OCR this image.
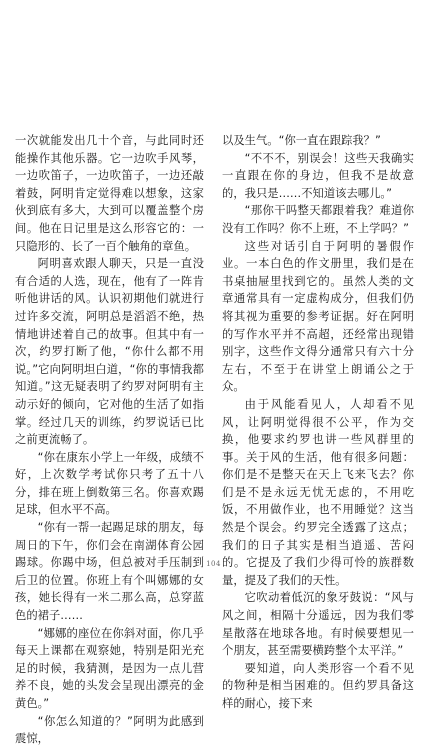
一次就能发出几十个音，与此同时还能操作其他乐器。它一边吹手风琴，一边吹笛子，一边吹笛子，一边还敲着鼓，阿明肯定觉得难以想象，这家伙到底有多大，大到可以覆盖整个房间。他在日记里是这么形容它的：一只隐形的、长了一百个触角的章鱼。

阿明喜欢跟人聊天，只是一直没有合适的人选，现在，他有了一阵肯听他讲话的风。认识初期他们就进行过许多交流，阿明总是滔滔不绝，热情地讲述着自己的故事。但其中有一次，约罗打断了他，“你什么都不用说。”它向阿明坦白道，“你的事情我都知道。”这无疑表明了约罗对阿明有主动示好的倾向，它对他的生活了如指掌。经过几天的训练，约罗说话已比之前更流畅了。

“你在康东小学上一年级，成绩不好，上次数学考试你只考了五十八分，排在班上倒数第三名。你喜欢踢足球，但水平不高。

“你有一帮一起踢足球的朋友，每周日的下午，你们会在南湖体育公园踢球。你踢中场，但总被对手压制到后卫的位置。你班上有个叫娜娜的女孩，她长得有一米二那么高，总穿蓝色的裙子……

“娜娜的座位在你斜对面，你几乎每天上课都在观察她，特别是阳光充足的时候，我猜测，是因为一点儿营养不良，她的头发会呈现出漂亮的金黄色。”

“你怎么知道的？”阿明为此感到震惊，

以及生气。“你一直在跟踪我？”

“不不不，别误会！这些天我确实一直跟在你的身边，但我不是故意的，我只是……不知道该去哪儿。”

“那你干吗整天都跟着我？难道你没有工作吗？你不上班，不上学吗？”

这些对话引自于阿明的暑假作业。一本白色的作文册里，我们是在书桌抽屉里找到它的。虽然人类的文章通常具有一定虚构成分，但我们仍将其视为重要的参考证据。好在阿明的写作水平并不高超，还经常出现错别字，这些作文得分通常只有六十分左右，不至于在讲堂上朗诵公之于众。

由于风能看见人，人却看不见风，让阿明觉得很不公平，作为交换，他要求约罗也讲一些风群里的事。关于风的生活，他有很多问题：你们是不是整天在天上飞来飞去？你们是不是永远无忧无虑的，不用吃饭，不用做作业，也不用睡觉？这当然是个误会。约罗完全透露了这点；我们的日子其实是相当逍遥、苦闷的。它提及了我们少得可怜的族群数量，提及了我们的天性。

它吹动着低沉的象牙鼓说：“风与风之间，相隔十分遥远，因为我们零星散落在地球各地。有时候要想见一个朋友，甚至需要横跨整个太平洋。”

要知道，向人类形容一个看不见的物种是相当困难的。但约罗具备这样的耐心，接下来

104
